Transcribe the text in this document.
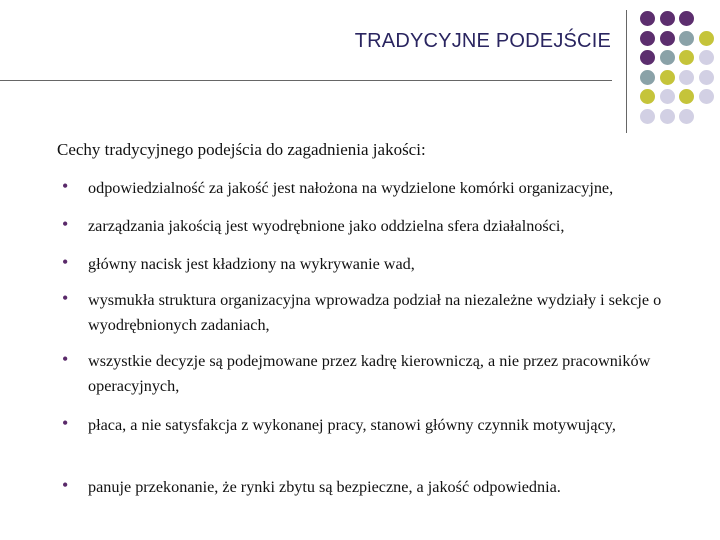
TRADYCYJNE PODEJŚCIE
Cechy tradycyjnego podejścia do zagadnienia jakości:
• odpowiedzialność za jakość jest nałożona na wydzielone komórki organizacyjne,
• zarządzania jakością jest wyodrębnione jako oddzielna sfera działalności,
• główny nacisk jest kładziony na wykrywanie wad,
• wysmukła struktura organizacyjna wprowadza podział na niezależne wydziały i sekcje o wyodrębnionych zadaniach,
• wszystkie decyzje są podejmowane przez kadrę kierowniczą, a nie przez pracowników operacyjnych,
• płaca, a nie satysfakcja z wykonanej pracy, stanowi główny czynnik motywujący,
• panuje przekonanie, że rynki zbytu są bezpieczne, a jakość odpowiednia.
